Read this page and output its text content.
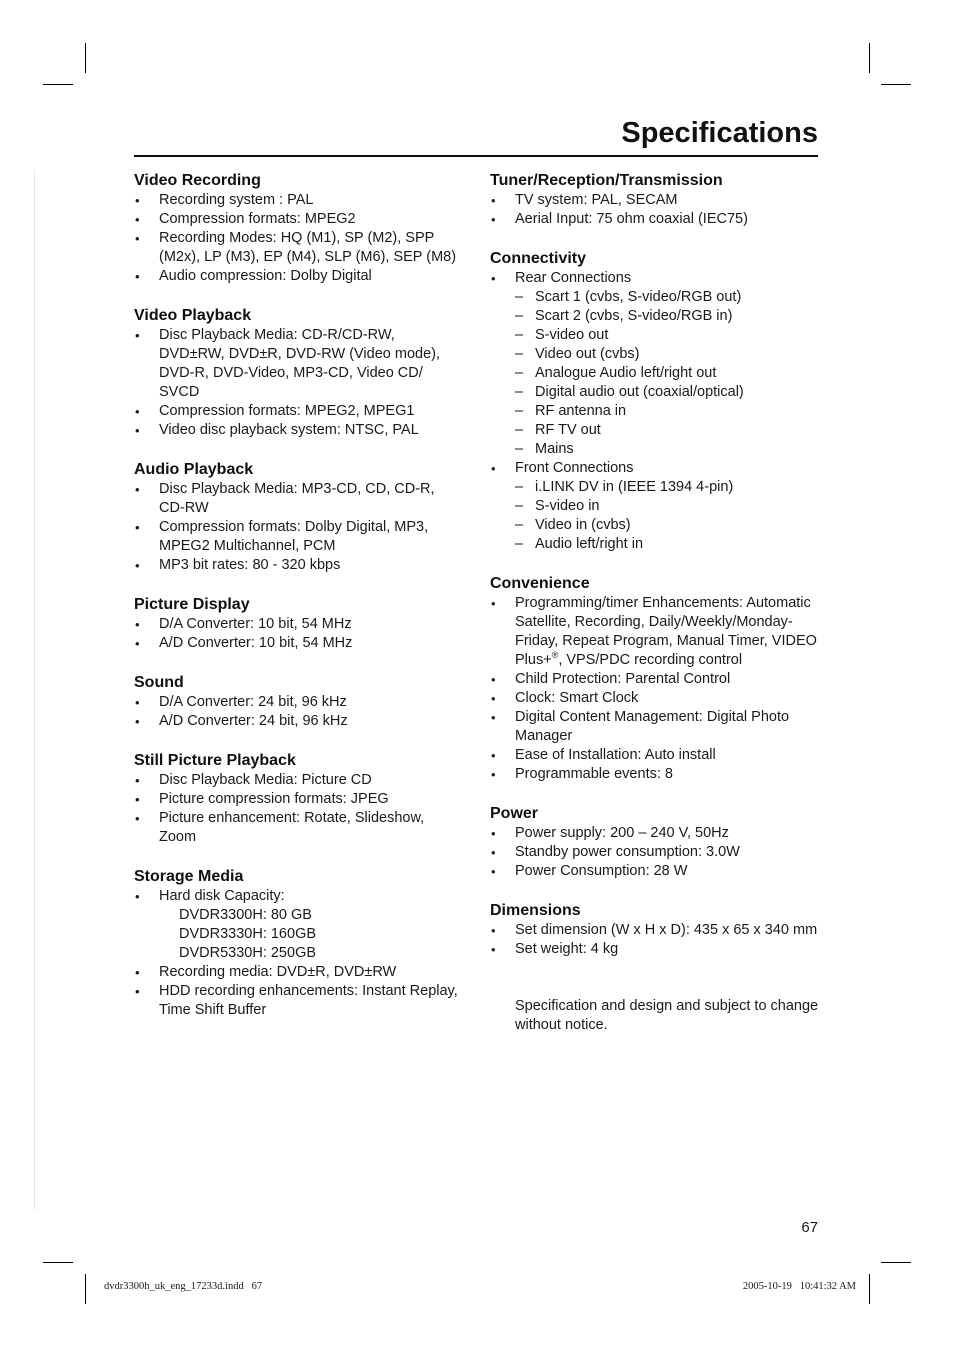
Specifications
Video Recording
• Recording system : PAL
• Compression formats: MPEG2
• Recording Modes: HQ (M1), SP (M2), SPP (M2x), LP (M3), EP (M4), SLP (M6), SEP (M8)
• Audio compression: Dolby Digital
Video Playback
• Disc Playback Media: CD-R/CD-RW, DVD±RW, DVD±R, DVD-RW (Video mode), DVD-R, DVD-Video, MP3-CD, Video CD/ SVCD
• Compression formats: MPEG2, MPEG1
• Video disc playback system: NTSC, PAL
Audio Playback
• Disc Playback Media: MP3-CD, CD, CD-R, CD-RW
• Compression formats: Dolby Digital, MP3, MPEG2 Multichannel, PCM
• MP3 bit rates: 80 - 320 kbps
Picture Display
• D/A Converter: 10 bit, 54 MHz
• A/D Converter: 10 bit, 54 MHz
Sound
• D/A Converter: 24 bit, 96 kHz
• A/D Converter: 24 bit, 96 kHz
Still Picture Playback
• Disc Playback Media: Picture CD
• Picture compression formats: JPEG
• Picture enhancement: Rotate, Slideshow, Zoom
Storage Media
• Hard disk Capacity:
DVDR3300H: 80 GB
DVDR3330H: 160GB
DVDR5330H: 250GB
• Recording media: DVD±R, DVD±RW
• HDD recording enhancements: Instant Replay, Time Shift Buffer
Tuner/Reception/Transmission
• TV system: PAL, SECAM
• Aerial Input: 75 ohm coaxial (IEC75)
Connectivity
• Rear Connections
– Scart 1 (cvbs, S-video/RGB out)
– Scart 2 (cvbs, S-video/RGB in)
– S-video out
– Video out (cvbs)
– Analogue Audio left/right out
– Digital audio out (coaxial/optical)
– RF antenna in
– RF TV out
– Mains
• Front Connections
– i.LINK DV in (IEEE 1394 4-pin)
– S-video in
– Video in (cvbs)
– Audio left/right in
Convenience
• Programming/timer Enhancements: Automatic Satellite, Recording, Daily/Weekly/Monday-Friday, Repeat Program, Manual Timer, VIDEO Plus+®, VPS/PDC recording control
• Child Protection: Parental Control
• Clock: Smart Clock
• Digital Content Management: Digital Photo Manager
• Ease of Installation: Auto install
• Programmable events: 8
Power
• Power supply: 200 – 240 V, 50Hz
• Standby power consumption: 3.0W
• Power Consumption: 28 W
Dimensions
• Set dimension (W x H x D): 435 x 65 x 340 mm
• Set weight: 4 kg
Specification and design and subject to change without notice.
67
dvdr3300h_uk_eng_17233d.indd   67	2005-10-19   10:41:32 AM
